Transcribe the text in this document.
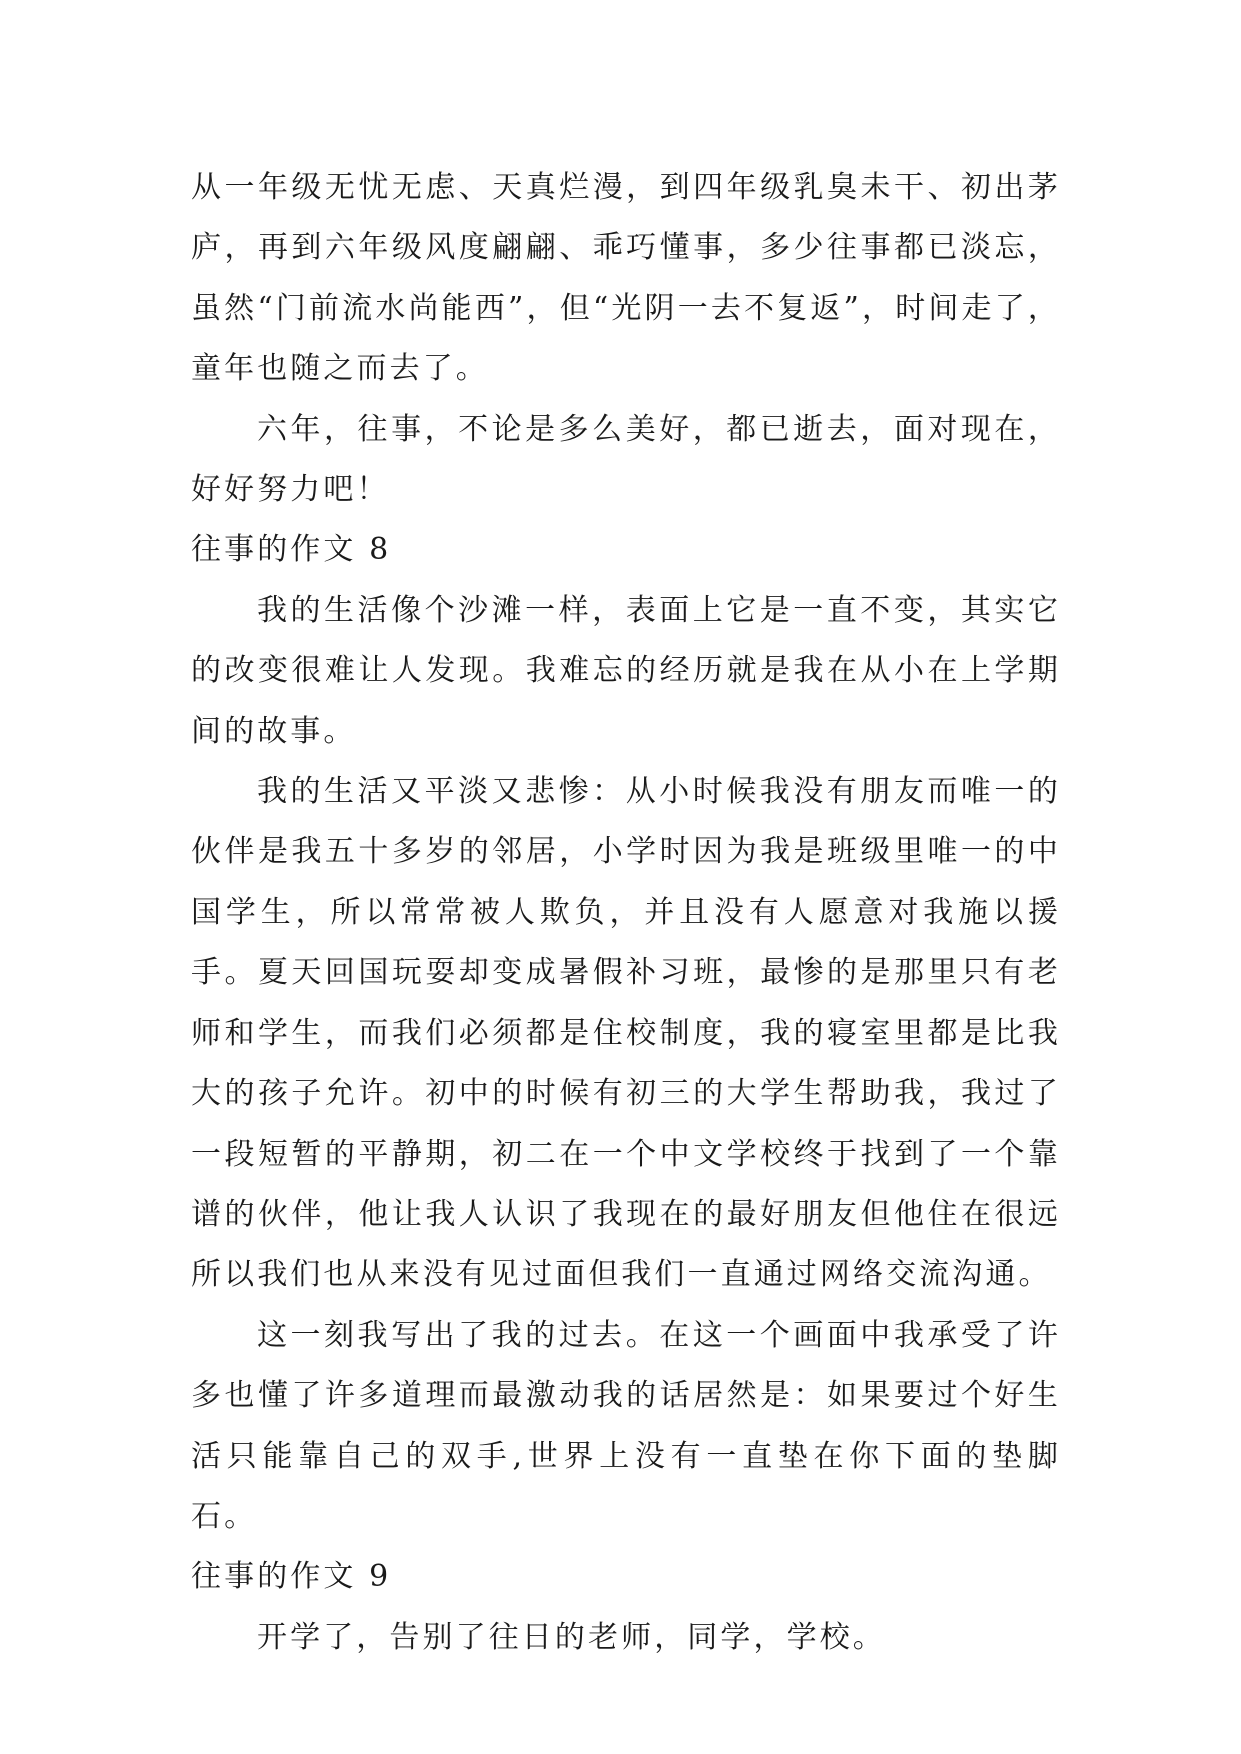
从一年级无忧无虑、天真烂漫，到四年级乳臭未干、初出茅庐，再到六年级风度翩翩、乖巧懂事，多少往事都已淡忘，虽然“门前流水尚能西”，但“光阴一去不复返”，时间走了，童年也随之而去了。

六年，往事，不论是多么美好，都已逝去，面对现在，好好努力吧！

往事的作文 8

我的生活像个沙滩一样，表面上它是一直不变，其实它的改变很难让人发现。我难忘的经历就是我在从小在上学期间的故事。

我的生活又平淡又悲惨：从小时候我没有朋友而唯一的伙伴是我五十多岁的邻居，小学时因为我是班级里唯一的中国学生，所以常常被人欺负，并且没有人愿意对我施以援手。夏天回国玩耍却变成暑假补习班，最惨的是那里只有老师和学生，而我们必须都是住校制度，我的寝室里都是比我大的孩子允许。初中的时候有初三的大学生帮助我，我过了一段短暂的平静期，初二在一个中文学校终于找到了一个靠谱的伙伴，他让我人认识了我现在的最好朋友但他住在很远所以我们也从来没有见过面但我们一直通过网络交流沟通。

这一刻我写出了我的过去。在这一个画面中我承受了许多也懂了许多道理而最激动我的话居然是：如果要过个好生活只能靠自己的双手,世界上没有一直垫在你下面的垫脚石。

往事的作文 9

开学了，告别了往日的老师，同学，学校。
